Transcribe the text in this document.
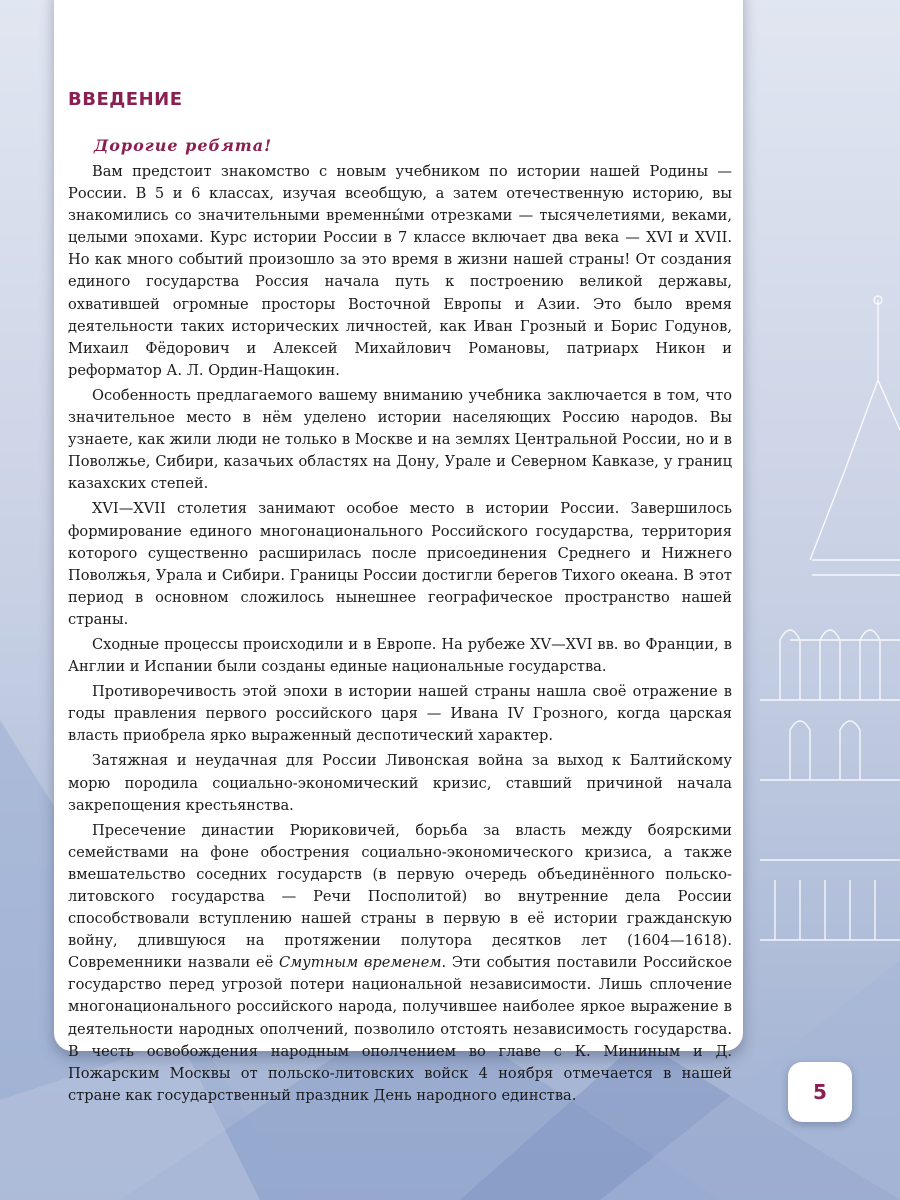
ВВЕДЕНИЕ
Дорогие ребята!

Вам предстоит знакомство с новым учебником по истории нашей Родины — России. В 5 и 6 классах, изучая всеобщую, а затем отечественную историю, вы знакомились со значительными временны́ми отрезками — тысячелетиями, веками, целыми эпохами. Курс истории России в 7 классе включает два века — XVI и XVII. Но как много событий произошло за это время в жизни нашей страны! От создания единого государства Россия начала путь к построению великой державы, охватившей огромные просторы Восточной Европы и Азии. Это было время деятельности таких исторических личностей, как Иван Грозный и Борис Годунов, Михаил Фёдорович и Алексей Михайлович Романовы, патриарх Никон и реформатор А. Л. Ордин-Нащокин.

Особенность предлагаемого вашему вниманию учебника заключается в том, что значительное место в нём уделено истории населяющих Россию народов. Вы узнаете, как жили люди не только в Москве и на землях Центральной России, но и в Поволжье, Сибири, казачьих областях на Дону, Урале и Северном Кавказе, у границ казахских степей.

XVI—XVII столетия занимают особое место в истории России. Завершилось формирование единого многонационального Российского государства, территория которого существенно расширилась после присоединения Среднего и Нижнего Поволжья, Урала и Сибири. Границы России достигли берегов Тихого океана. В этот период в основном сложилось нынешнее географическое пространство нашей страны.

Сходные процессы происходили и в Европе. На рубеже XV—XVI вв. во Франции, в Англии и Испании были созданы единые национальные государства.

Противоречивость этой эпохи в истории нашей страны нашла своё отражение в годы правления первого российского царя — Ивана IV Грозного, когда царская власть приобрела ярко выраженный деспотический характер.

Затяжная и неудачная для России Ливонская война за выход к Балтийскому морю породила социально-экономический кризис, ставший причиной начала закрепощения крестьянства.

Пресечение династии Рюриковичей, борьба за власть между боярскими семействами на фоне обострения социально-экономического кризиса, а также вмешательство соседних государств (в первую очередь объединённого польско-литовского государства — Речи Посполитой) во внутренние дела России способствовали вступлению нашей страны в первую в её истории гражданскую войну, длившуюся на протяжении полутора десятков лет (1604—1618). Современники назвали её Смутным временем. Эти события поставили Российское государство перед угрозой потери национальной независимости. Лишь сплочение многонационального российского народа, получившее наиболее яркое выражение в деятельности народных ополчений, позволило отстоять независимость государства. В честь освобождения народным ополчением во главе с К. Мининым и Д. Пожарским Москвы от польско-литовских войск 4 ноября отмечается в нашей стране как государственный праздник День народного единства.	5
